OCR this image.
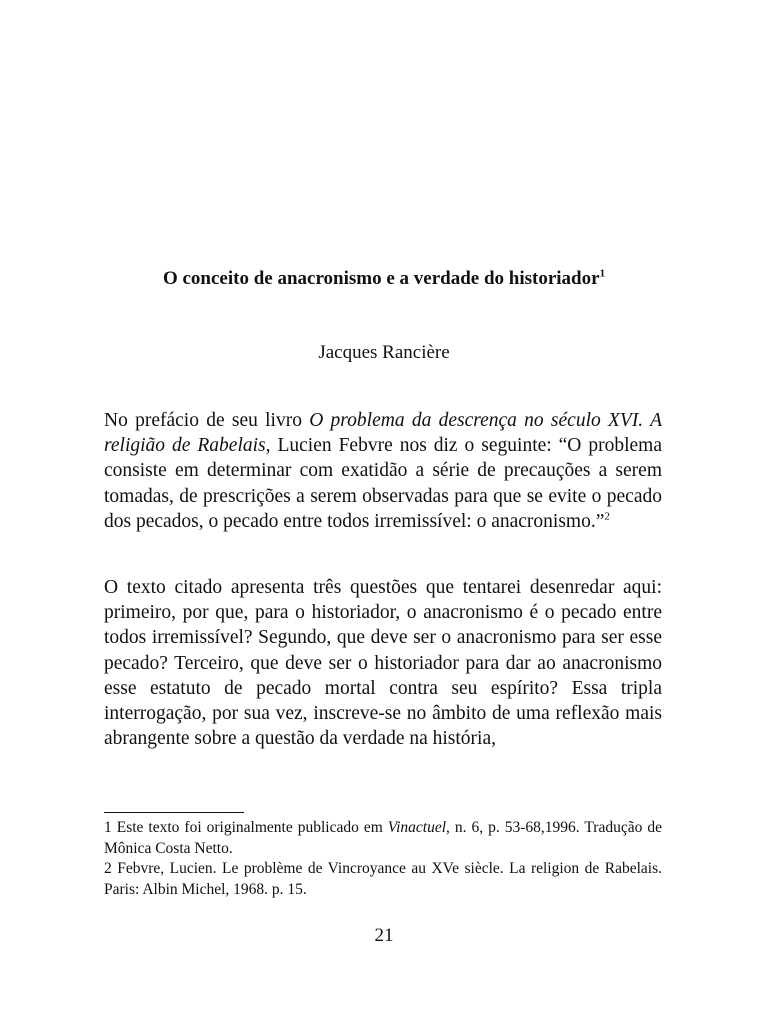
O conceito de anacronismo e a verdade do historiador$^1$
Jacques Rancière

No prefácio de seu livro O problema da descrença no século XVI. A religião de Rabelais, Lucien Febvre nos diz o seguinte: “O problema consiste em determinar com exatidão a série de precauções a serem tomadas, de prescrições a serem observadas para que se evite o pecado dos pecados, o pecado entre todos irremissível: o anacronismo.”$^2$

O texto citado apresenta três questões que tentarei desenredar aqui: primeiro, por que, para o historiador, o anacronismo é o pecado entre todos irremissível? Segundo, que deve ser o anacronismo para ser esse pecado? Terceiro, que deve ser o historiador para dar ao anacronismo esse estatuto de pecado mortal contra seu espírito? Essa tripla interrogação, por sua vez, inscreve-se no âmbito de uma reflexão mais abrangente sobre a questão da verdade na história,

1 Este texto foi originalmente publicado em Vinactuel, n. 6, p. 53-68,1996. Tradução de Mônica Costa Netto.

2 Febvre, Lucien. Le problème de Vincroyance au XVe siècle. La religion de Rabelais. Paris: Albin Michel, 1968. p. 15.

21
